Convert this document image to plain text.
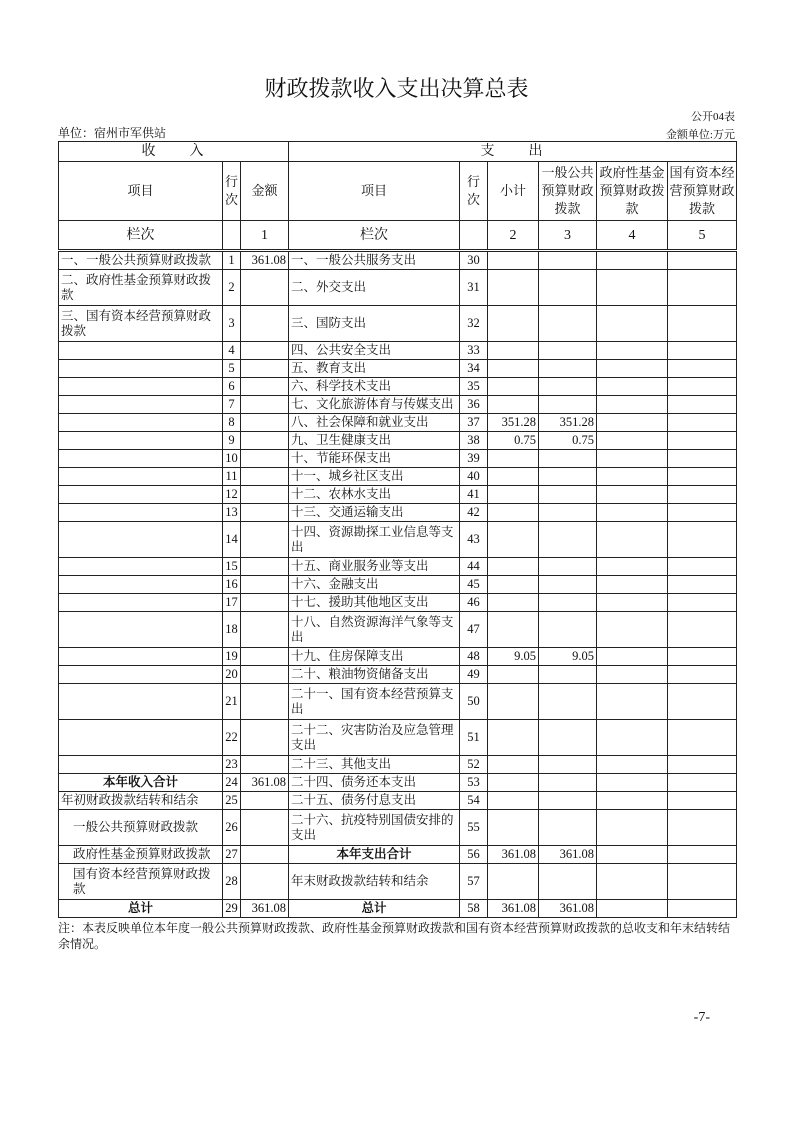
财政拨款收入支出决算总表
公开04表
单位：宿州市军供站	金额单位:万元
收　　入			支　　出					
项目	行次	金额	项目	行次	小计	一般公共预算财政拨款	政府性基金预算财政拨款	国有资本经营预算财政拨款
栏次		1	栏次		2	3	4	5
一、一般公共预算财政拨款	1	361.08	一、一般公共服务支出	30				
二、政府性基金预算财政拨款	2		二、外交支出	31				
三、国有资本经营预算财政拨款	3		三、国防支出	32				
	4		四、公共安全支出	33				
	5		五、教育支出	34				
	6		六、科学技术支出	35				
	7		七、文化旅游体育与传媒支出	36				
	8		八、社会保障和就业支出	37	351.28	351.28		
	9		九、卫生健康支出	38	0.75	0.75		
	10		十、节能环保支出	39				
	11		十一、城乡社区支出	40				
	12		十二、农林水支出	41				
	13		十三、交通运输支出	42				
	14		十四、资源勘探工业信息等支出	43				
	15		十五、商业服务业等支出	44				
	16		十六、金融支出	45				
	17		十七、援助其他地区支出	46				
	18		十八、自然资源海洋气象等支出	47				
	19		十九、住房保障支出	48	9.05	9.05		
	20		二十、粮油物资储备支出	49				
	21		二十一、国有资本经营预算支出	50				
	22		二十二、灾害防治及应急管理支出	51				
	23		二十三、其他支出	52				
本年收入合计	24	361.08	二十四、债务还本支出	53				
年初财政拨款结转和结余	25		二十五、债务付息支出	54				
一般公共预算财政拨款	26		二十六、抗疫特别国债安排的支出	55				
政府性基金预算财政拨款	27		本年支出合计	56	361.08	361.08		
国有资本经营预算财政拨款	28		年末财政拨款结转和结余	57				
总计	29	361.08	总计	58	361.08	361.08		
注：本表反映单位本年度一般公共预算财政拨款、政府性基金预算财政拨款和国有资本经营预算财政拨款的总收支和年末结转结余情况。
-7-
